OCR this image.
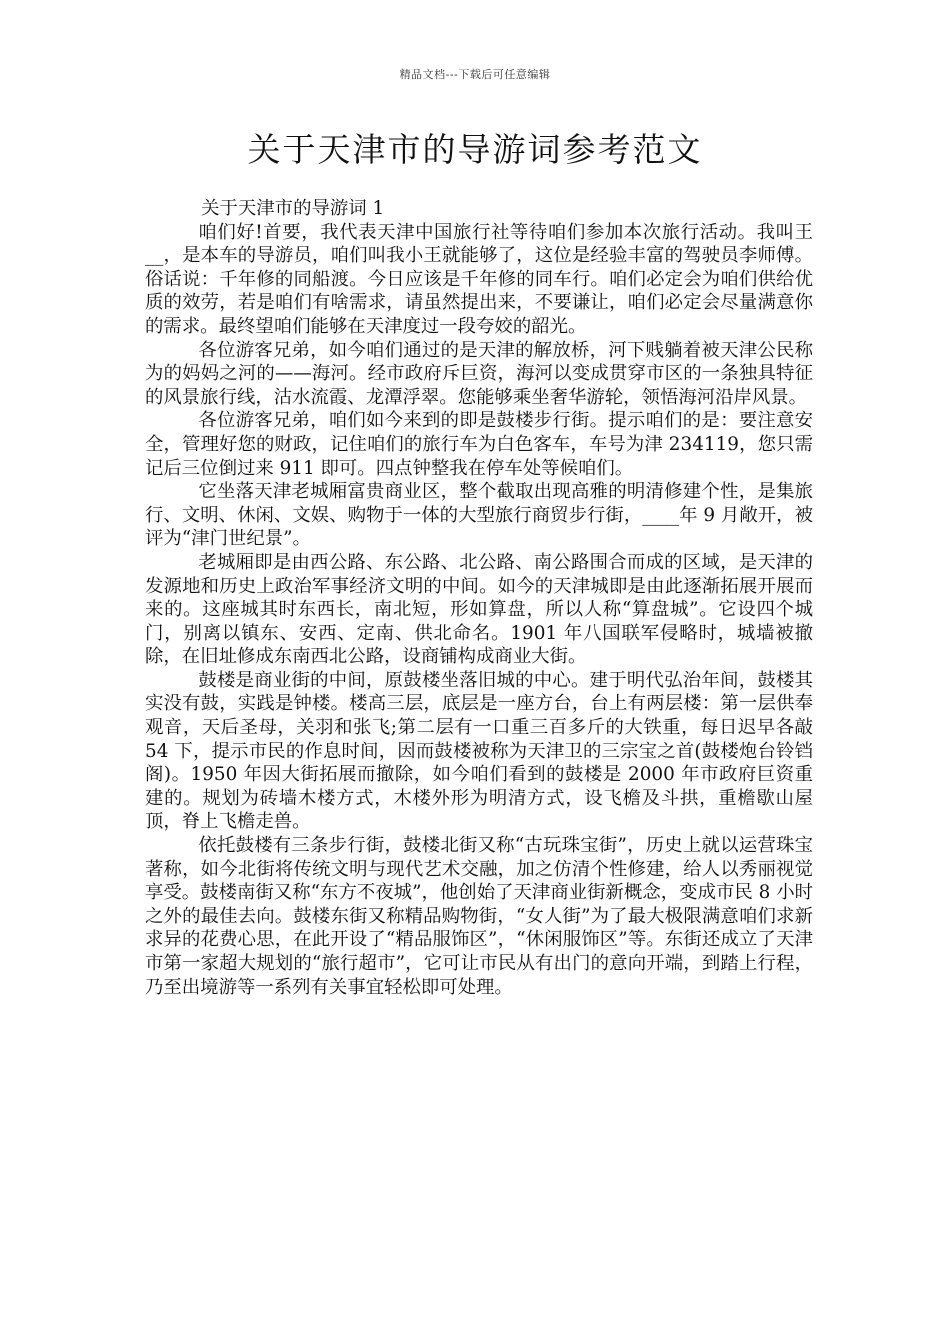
精品文档---下载后可任意编辑
关于天津市的导游词参考范文

关于天津市的导游词 1

咱们好!首要，我代表天津中国旅行社等待咱们参加本次旅行活动。我叫王__，是本车的导游员，咱们叫我小王就能够了，这位是经验丰富的驾驶员李师傅。俗话说：千年修的同船渡。今日应该是千年修的同车行。咱们必定会为咱们供给优质的效劳，若是咱们有啥需求，请虽然提出来，不要谦让，咱们必定会尽量满意你的需求。最终望咱们能够在天津度过一段夸姣的韶光。

各位游客兄弟，如今咱们通过的是天津的解放桥，河下贱躺着被天津公民称为的妈妈之河的——海河。经市政府斥巨资，海河以变成贯穿市区的一条独具特征的风景旅行线，沽水流霞、龙潭浮翠。您能够乘坐奢华游轮，领悟海河沿岸风景。

各位游客兄弟，咱们如今来到的即是鼓楼步行街。提示咱们的是：要注意安全，管理好您的财政，记住咱们的旅行车为白色客车，车号为津 234119，您只需记后三位倒过来 911 即可。四点钟整我在停车处等候咱们。

它坐落天津老城厢富贵商业区，整个截取出现高雅的明清修建个性，是集旅行、文明、休闲、文娱、购物于一体的大型旅行商贸步行街，____年 9 月敞开，被评为“津门世纪景”。

老城厢即是由西公路、东公路、北公路、南公路围合而成的区域，是天津的发源地和历史上政治军事经济文明的中间。如今的天津城即是由此逐渐拓展开展而来的。这座城其时东西长，南北短，形如算盘，所以人称“算盘城”。它设四个城门，别离以镇东、安西、定南、供北命名。1901 年八国联军侵略时，城墙被撤除，在旧址修成东南西北公路，设商铺构成商业大街。

鼓楼是商业街的中间，原鼓楼坐落旧城的中心。建于明代弘治年间，鼓楼其实没有鼓，实践是钟楼。楼高三层，底层是一座方台，台上有两层楼：第一层供奉观音，天后圣母，关羽和张飞;第二层有一口重三百多斤的大铁重，每日迟早各敲 54 下，提示市民的作息时间，因而鼓楼被称为天津卫的三宗宝之首(鼓楼炮台铃铛阁)。1950 年因大街拓展而撤除，如今咱们看到的鼓楼是 2000 年市政府巨资重建的。规划为砖墙木楼方式，木楼外形为明清方式，设飞檐及斗拱，重檐歇山屋顶，脊上飞檐走兽。

依托鼓楼有三条步行街，鼓楼北街又称“古玩珠宝街”，历史上就以运营珠宝著称，如今北街将传统文明与现代艺术交融，加之仿清个性修建，给人以秀丽视觉享受。鼓楼南街又称“东方不夜城”，他创始了天津商业街新概念，变成市民 8 小时之外的最佳去向。鼓楼东街又称精品购物街，“女人街”为了最大极限满意咱们求新求异的花费心思，在此开设了“精品服饰区”，“休闲服饰区”等。东街还成立了天津市第一家超大规划的“旅行超市”，它可让市民从有出门的意向开端，到踏上行程，乃至出境游等一系列有关事宜轻松即可处理。
